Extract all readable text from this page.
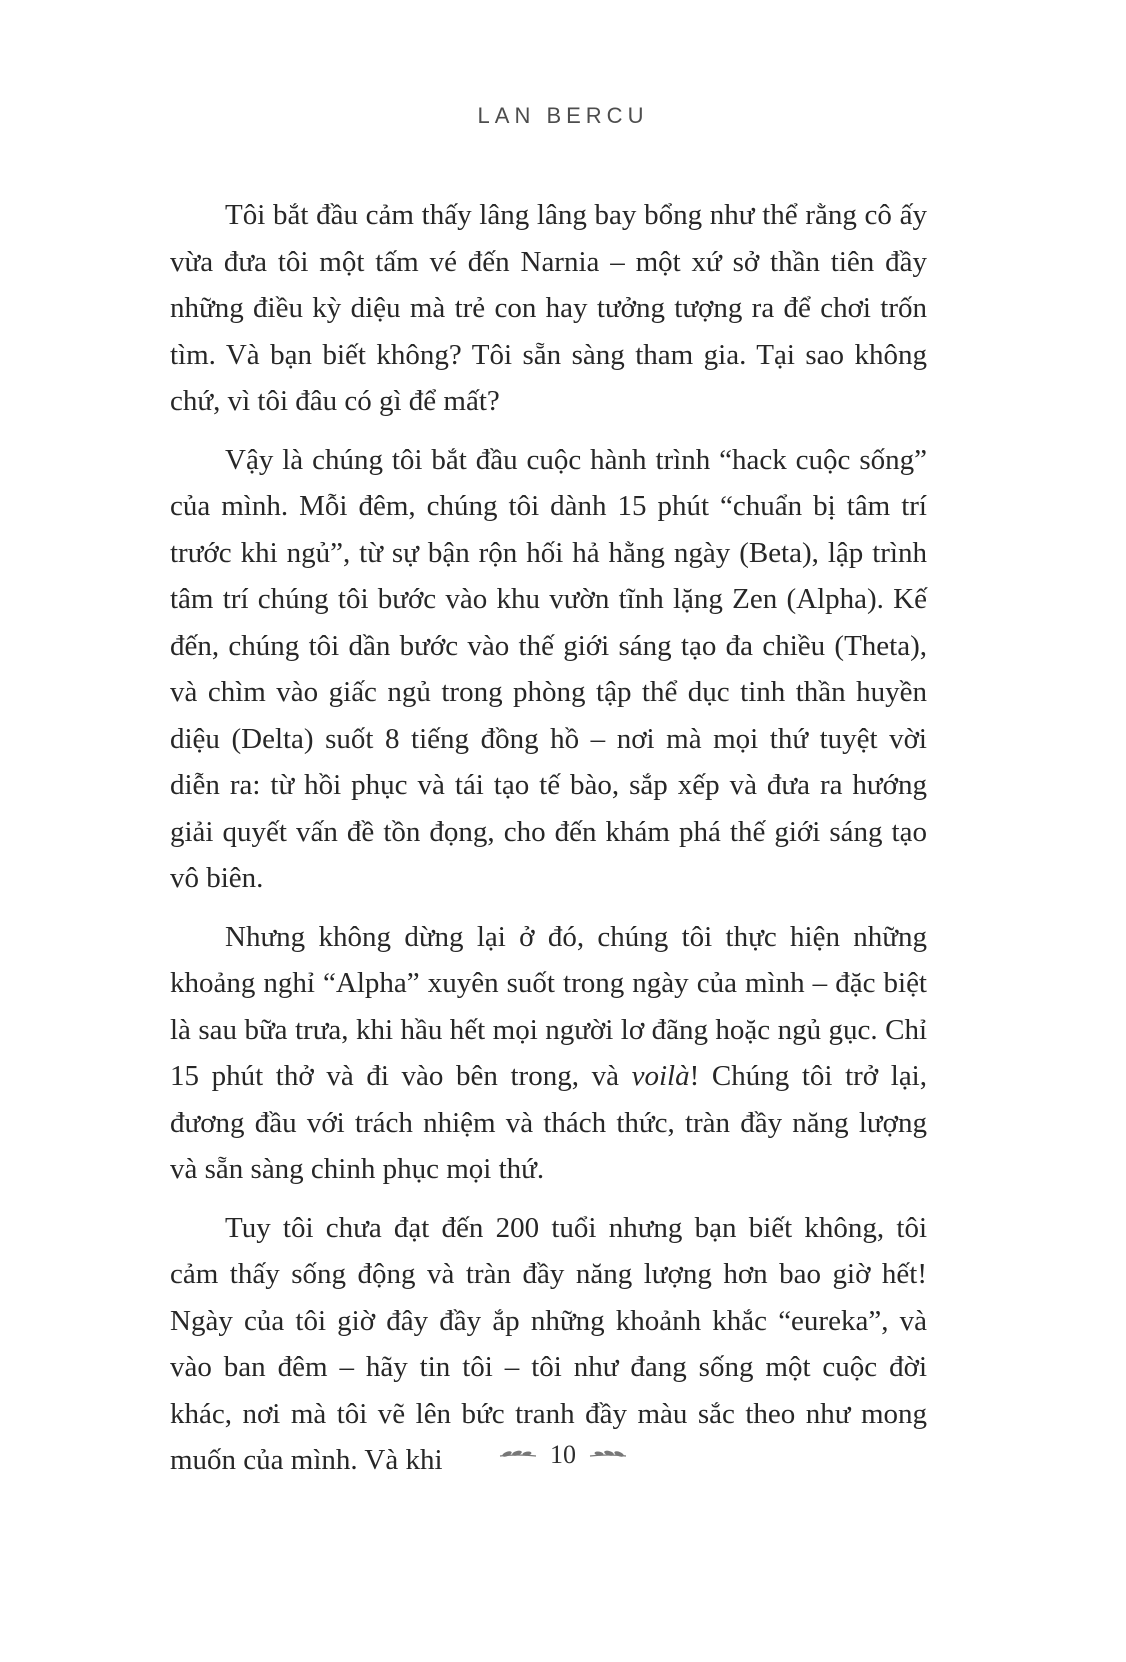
LAN BERCU

Tôi bắt đầu cảm thấy lâng lâng bay bổng như thể rằng cô ấy vừa đưa tôi một tấm vé đến Narnia – một xứ sở thần tiên đầy những điều kỳ diệu mà trẻ con hay tưởng tượng ra để chơi trốn tìm. Và bạn biết không? Tôi sẵn sàng tham gia. Tại sao không chứ, vì tôi đâu có gì để mất?

Vậy là chúng tôi bắt đầu cuộc hành trình “hack cuộc sống” của mình. Mỗi đêm, chúng tôi dành 15 phút “chuẩn bị tâm trí trước khi ngủ”, từ sự bận rộn hối hả hằng ngày (Beta), lập trình tâm trí chúng tôi bước vào khu vườn tĩnh lặng Zen (Alpha). Kế đến, chúng tôi dần bước vào thế giới sáng tạo đa chiều (Theta), và chìm vào giấc ngủ trong phòng tập thể dục tinh thần huyền diệu (Delta) suốt 8 tiếng đồng hồ – nơi mà mọi thứ tuyệt vời diễn ra: từ hồi phục và tái tạo tế bào, sắp xếp và đưa ra hướng giải quyết vấn đề tồn đọng, cho đến khám phá thế giới sáng tạo vô biên.

Nhưng không dừng lại ở đó, chúng tôi thực hiện những khoảng nghỉ “Alpha” xuyên suốt trong ngày của mình – đặc biệt là sau bữa trưa, khi hầu hết mọi người lơ đãng hoặc ngủ gục. Chỉ 15 phút thở và đi vào bên trong, và voilà! Chúng tôi trở lại, đương đầu với trách nhiệm và thách thức, tràn đầy năng lượng và sẵn sàng chinh phục mọi thứ.

Tuy tôi chưa đạt đến 200 tuổi nhưng bạn biết không, tôi cảm thấy sống động và tràn đầy năng lượng hơn bao giờ hết! Ngày của tôi giờ đây đầy ắp những khoảnh khắc “eureka”, và vào ban đêm – hãy tin tôi – tôi như đang sống một cuộc đời khác, nơi mà tôi vẽ lên bức tranh đầy màu sắc theo như mong muốn của mình. Và khi	10
